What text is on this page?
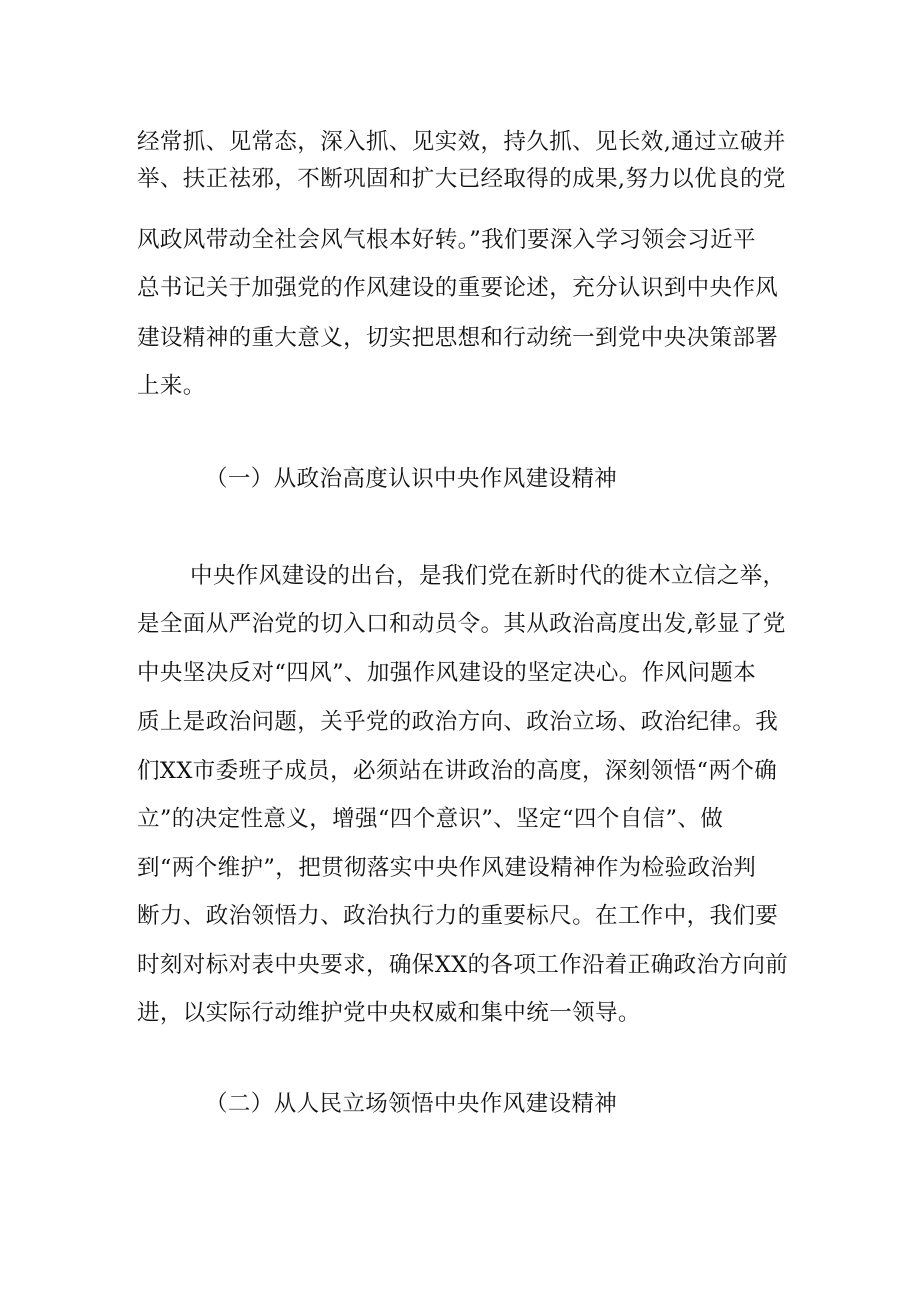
经常抓、见常态，深入抓、见实效，持久抓、见长效,通过立破并
举、扶正祛邪，不断巩固和扩大已经取得的成果,努力以优良的党
风政风带动全社会风气根本好转。”我们要深入学习领会习近平
总书记关于加强党的作风建设的重要论述，充分认识到中央作风
建设精神的重大意义，切实把思想和行动统一到党中央决策部署
上来。
（一）从政治高度认识中央作风建设精神
中央作风建设的出台，是我们党在新时代的徙木立信之举，
是全面从严治党的切入口和动员令。其从政治高度出发,彰显了党
中央坚决反对“四风”、加强作风建设的坚定决心。作风问题本
质上是政治问题，关乎党的政治方向、政治立场、政治纪律。我
们XX市委班子成员，必须站在讲政治的高度，深刻领悟“两个确
立”的决定性意义，增强“四个意识”、坚定“四个自信”、做
到“两个维护”，把贯彻落实中央作风建设精神作为检验政治判
断力、政治领悟力、政治执行力的重要标尺。在工作中，我们要
时刻对标对表中央要求，确保XX的各项工作沿着正确政治方向前
进，以实际行动维护党中央权威和集中统一领导。
（二）从人民立场领悟中央作风建设精神
